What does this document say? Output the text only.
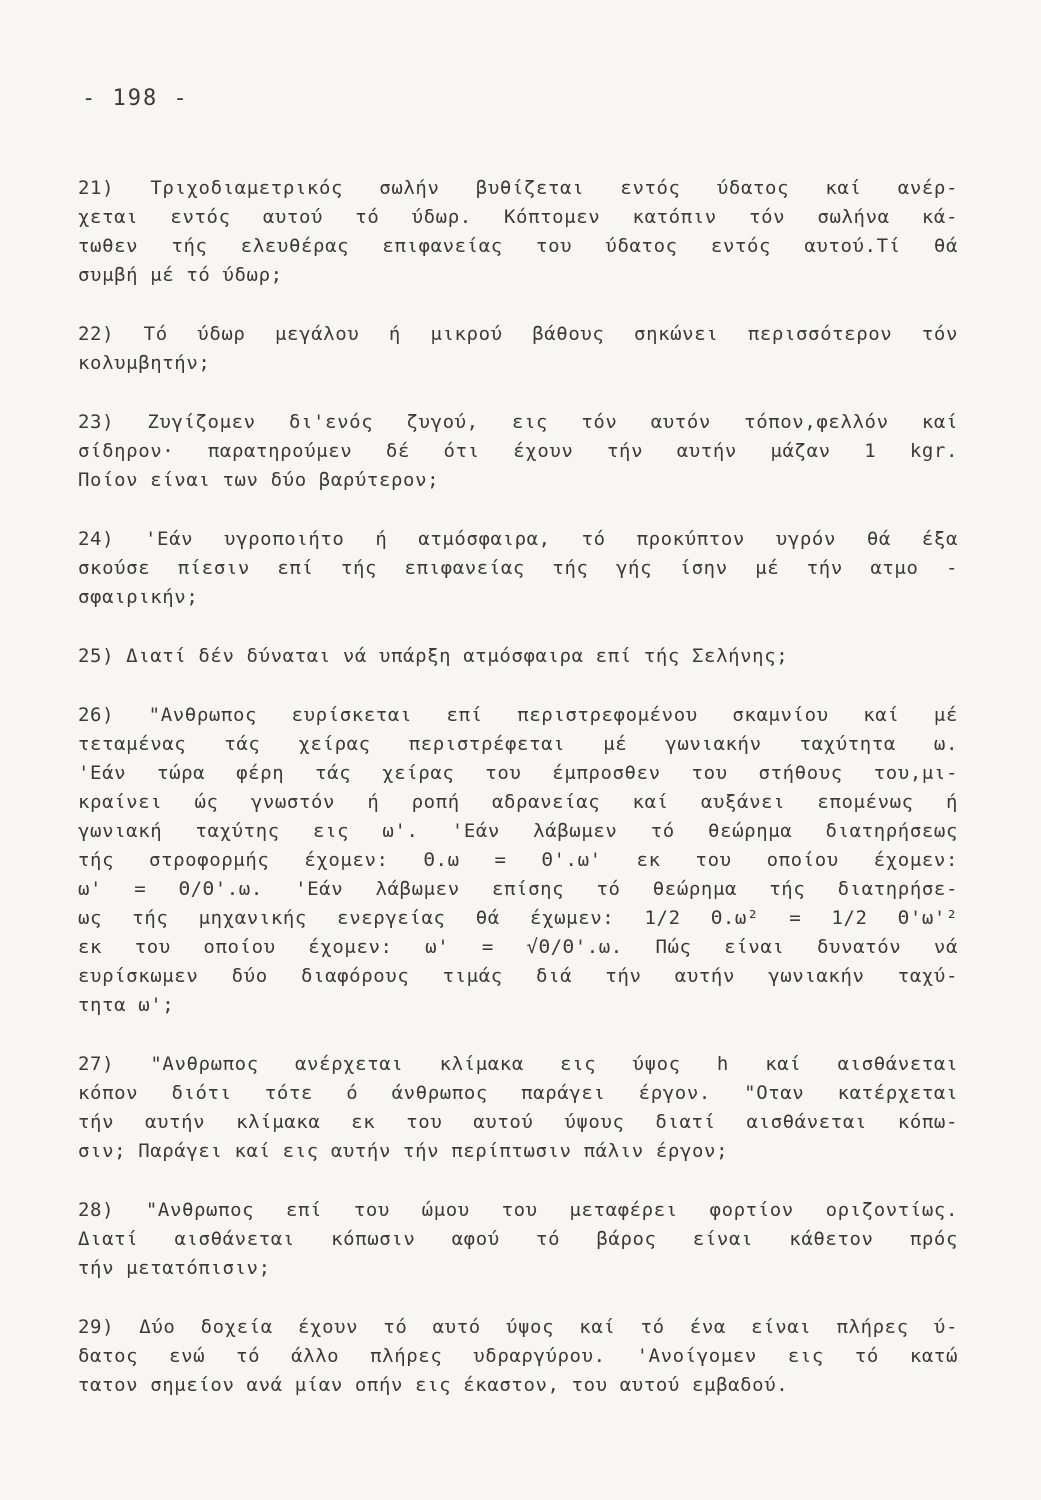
- 198 -

21) Τριχοδιαμετρικός σωλήν βυθίζεται εντός ύδατος καί ανέρ-
χεται εντός αυτού τό ύδωρ. Κόπτομεν κατόπιν τόν σωλήνα κά-
τωθεν τής ελευθέρας επιφανείας του ύδατος εντός αυτού.Τί θά
συμβή μέ τό ύδωρ;
22) Τό ύδωρ μεγάλου ή μικρού βάθους σηκώνει περισσότερον τόν
κολυμβητήν;
23) Ζυγίζομεν δι'ενός ζυγού, εις τόν αυτόν τόπον,φελλόν καί
σίδηρον· παρατηρούμεν δέ ότι έχουν τήν αυτήν μάζαν 1 kgr.
Ποίον είναι των δύο βαρύτερον;
24) 'Εάν υγροποιήτο ή ατμόσφαιρα, τό προκύπτον υγρόν θά έξα
σκούσε πίεσιν επί τής επιφανείας τής γής ίσην μέ τήν ατμο -
σφαιρικήν;
25) Διατί δέν δύναται νά υπάρξη ατμόσφαιρα επί τής Σελήνης;
26) "Ανθρωπος ευρίσκεται επί περιστρεφομένου σκαμνίου καί μέ
τεταμένας τάς χείρας περιστρέφεται μέ γωνιακήν ταχύτητα ω.
'Εάν τώρα φέρη τάς χείρας του έμπροσθεν του στήθους του,μι-
κραίνει ώς γνωστόν ή ροπή αδρανείας καί αυξάνει επομένως ή
γωνιακή ταχύτης εις ω'. 'Εάν λάβωμεν τό θεώρημα διατηρήσεως
τής στροφορμής έχομεν: Θ.ω = Θ'.ω' εκ του οποίου έχομεν:
ω' = Θ/Θ'.ω. 'Εάν λάβωμεν επίσης τό θεώρημα τής διατηρήσε-
ως τής μηχανικής ενεργείας θά έχωμεν: 1/2 Θ.ω² = 1/2 Θ'ω'²
εκ του οποίου έχομεν: ω' = √Θ/Θ'.ω. Πώς είναι δυνατόν νά
ευρίσκωμεν δύο διαφόρους τιμάς διά τήν αυτήν γωνιακήν ταχύ-
τητα ω';
27) "Ανθρωπος ανέρχεται κλίμακα εις ύψος h καί αισθάνεται
κόπον διότι τότε ό άνθρωπος παράγει έργον. "Οταν κατέρχεται
τήν αυτήν κλίμακα εκ του αυτού ύψους διατί αισθάνεται κόπω-
σιν; Παράγει καί εις αυτήν τήν περίπτωσιν πάλιν έργον;
28) "Ανθρωπος επί του ώμου του μεταφέρει φορτίον οριζοντίως.
Διατί αισθάνεται κόπωσιν αφού τό βάρος είναι κάθετον πρός
τήν μετατόπισιν;
29) Δύο δοχεία έχουν τό αυτό ύψος καί τό ένα είναι πλήρες ύ-
δατος ενώ τό άλλο πλήρες υδραργύρου. 'Ανοίγομεν εις τό κατώ
τατον σημείον ανά μίαν οπήν εις έκαστον, του αυτού εμβαδού.
